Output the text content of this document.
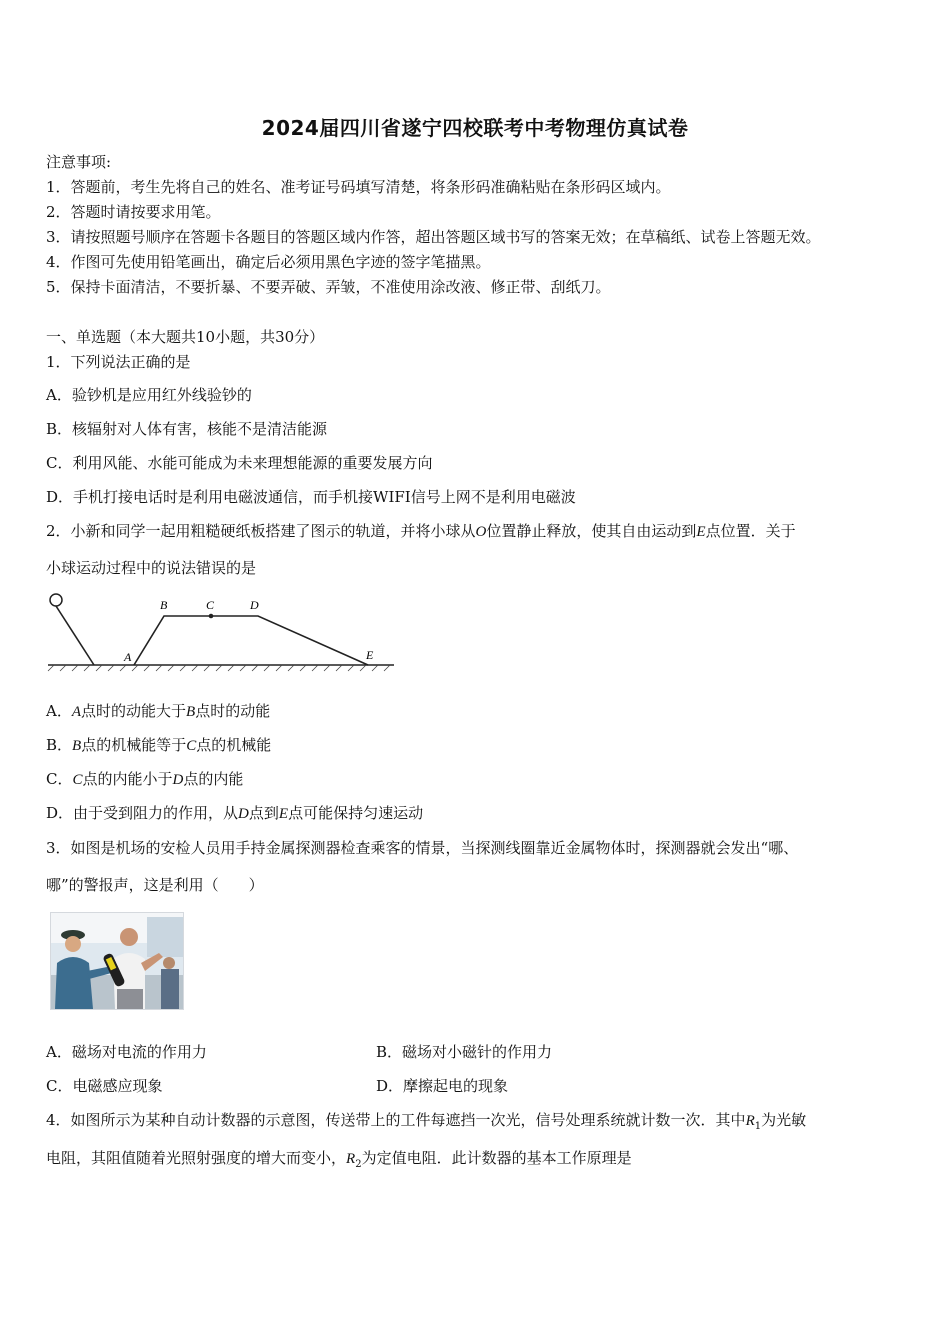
2024届四川省遂宁四校联考中考物理仿真试卷
注意事项:
1．答题前，考生先将自己的姓名、准考证号码填写清楚，将条形码准确粘贴在条形码区域内。
2．答题时请按要求用笔。
3．请按照题号顺序在答题卡各题目的答题区域内作答，超出答题区域书写的答案无效；在草稿纸、试卷上答题无效。
4．作图可先使用铅笔画出，确定后必须用黑色字迹的签字笔描黑。
5．保持卡面清洁，不要折暴、不要弄破、弄皱，不准使用涂改液、修正带、刮纸刀。
一、单选题（本大题共10小题，共30分）
1．下列说法正确的是
A．验钞机是应用红外线验钞的
B．核辐射对人体有害，核能不是清洁能源
C．利用风能、水能可能成为未来理想能源的重要发展方向
D．手机打接电话时是利用电磁波通信，而手机接WIFI信号上网不是利用电磁波
2．小新和同学一起用粗糙硬纸板搭建了图示的轨道，并将小球从O位置静止释放，使其自由运动到E点位置．关于
小球运动过程中的说法错误的是
A
B	C	D
E
A．A点时的动能大于B点时的动能
B．B点的机械能等于C点的机械能
C．C点的内能小于D点的内能
D．由于受到阻力的作用，从D点到E点可能保持匀速运动
3．如图是机场的安检人员用手持金属探测器检查乘客的情景，当探测线圈靠近金属物体时，探测器就会发出“哪、
哪”的警报声，这是利用（　　）
A．磁场对电流的作用力	B．磁场对小磁针的作用力
C．电磁感应现象	D．摩擦起电的现象
4．如图所示为某种自动计数器的示意图，传送带上的工件每遮挡一次光，信号处理系统就计数一次．其中$R_1$为光敏
电阻，其阻值随着光照射强度的增大而变小，$R_2$为定值电阻．此计数器的基本工作原理是
